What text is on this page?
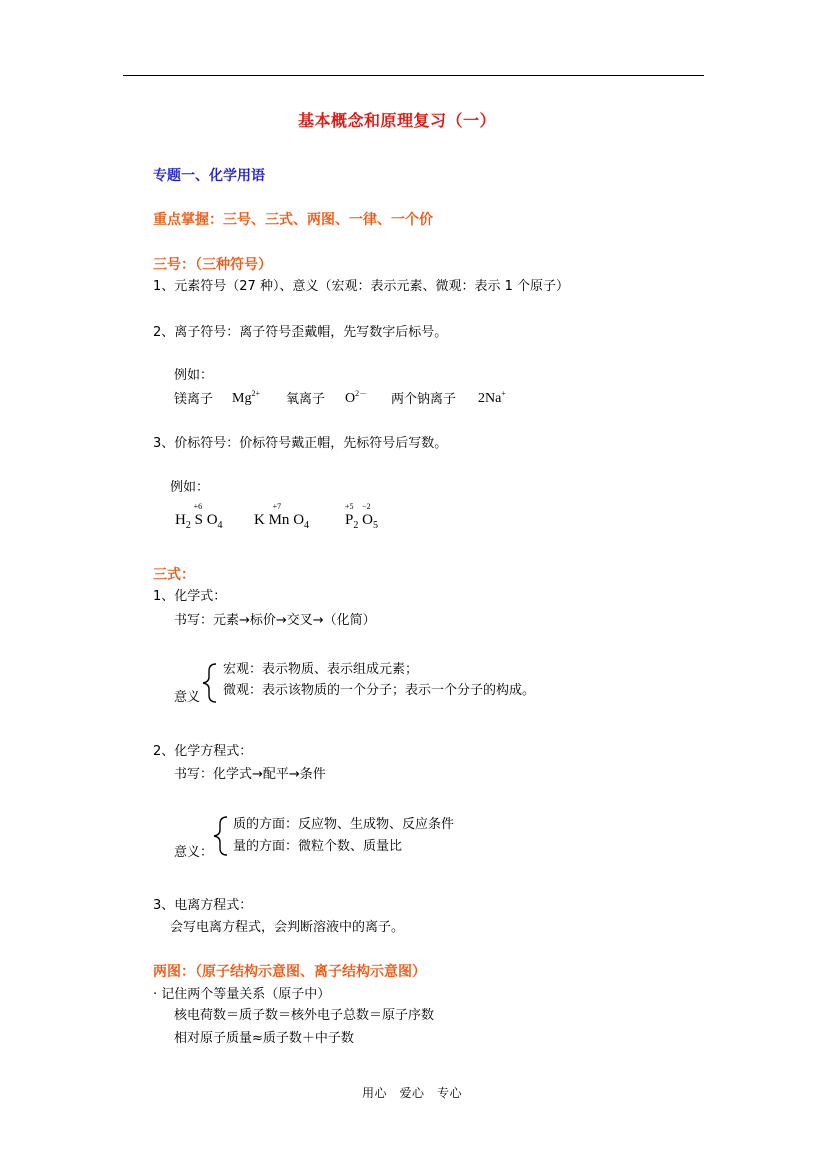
基本概念和原理复习（一）
专题一、化学用语
重点掌握：三号、三式、两图、一律、一个价
三号：（三种符号）
1、元素符号（27 种）、意义（宏观：表示元素、微观：表示 1 个原子）
2、离子符号：离子符号歪戴帽，先写数字后标号。
例如：
镁离子 $Mg^{2+}$ 氧离子 $O^{2-}$ 两个钠离子 2Na+
3、价标符号：价标符号戴正帽，先标符号后写数。
例如：
$H_2$
+6
S $O_4$ K
+7
Mn $O_4$
+5
$P_2$
−2
$O_5$
三式：
1、化学式：
书写：元素→标价→交叉→（化简）
宏观：表示物质、表示组成元素；
微观：表示该物质的一个分子；表示一个分子的构成。
意义
2、化学方程式：
书写：化学式→配平→条件
质的方面：反应物、生成物、反应条件
量的方面：微粒个数、质量比
意义：
3、电离方程式：
会写电离方程式，会判断溶液中的离子。
两图：（原子结构示意图、离子结构示意图）
· 记住两个等量关系（原子中）
核电荷数＝质子数＝核外电子总数＝原子序数
相对原子质量≈质子数＋中子数
用心　爱心　专心
